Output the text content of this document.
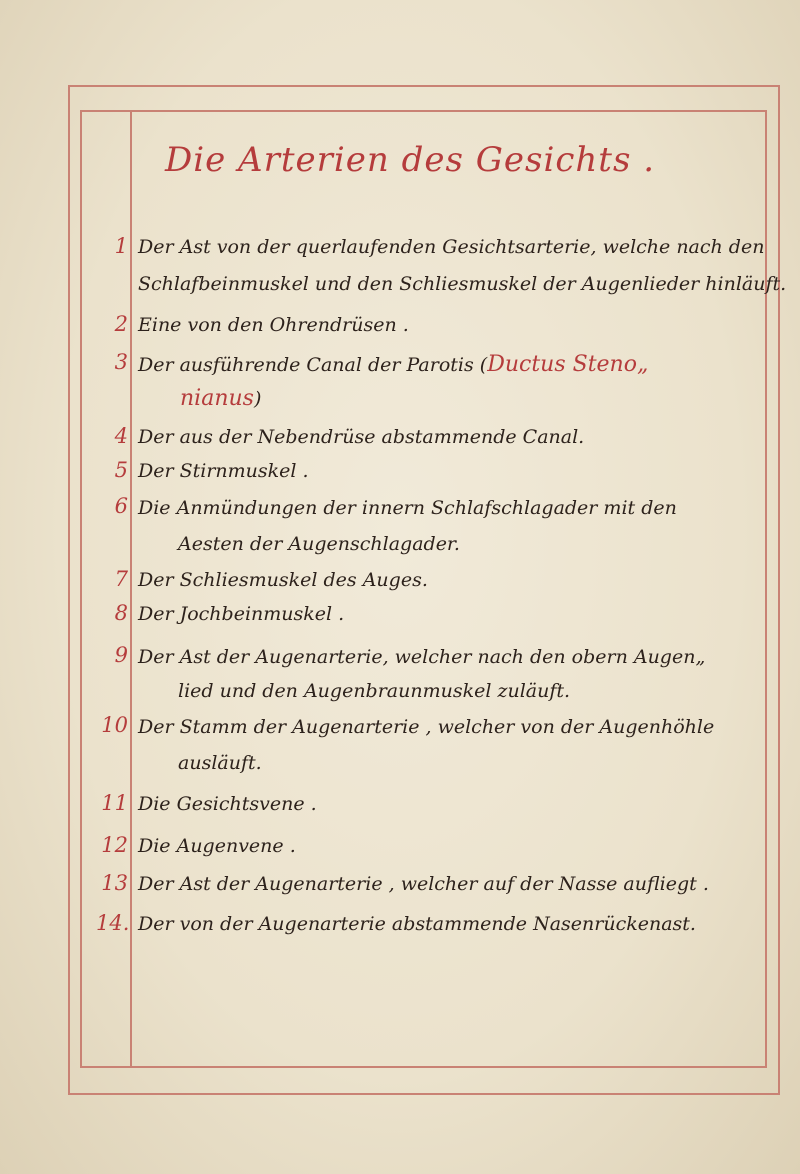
Die Arterien des Gesichts .
1 Der Ast von der querlaufenden Gesichtsarterie, welche nach den
Schlafbeinmuskel und den Schliesmuskel der Augenlieder hinläuft.
2 Eine von den Ohrendrüsen .
3 Der ausführende Canal der Parotis (Ductus Steno„
nianus)
4 Der aus der Nebendrüse abstammende Canal.
5 Der Stirnmuskel .
6 Die Anmündungen der innern Schlafschlagader mit den
Aesten der Augenschlagader.
7 Der Schliesmuskel des Auges.
8 Der Jochbeinmuskel .
9 Der Ast der Augenarterie, welcher nach den obern Augen„
lied und den Augenbraunmuskel zuläuft.
10 Der Stamm der Augenarterie , welcher von der Augenhöhle
ausläuft.
11 Die Gesichtsvene .
12 Die Augenvene .
13 Der Ast der Augenarterie , welcher auf der Nasse aufliegt .
14. Der von der Augenarterie abstammende Nasenrückenast.
